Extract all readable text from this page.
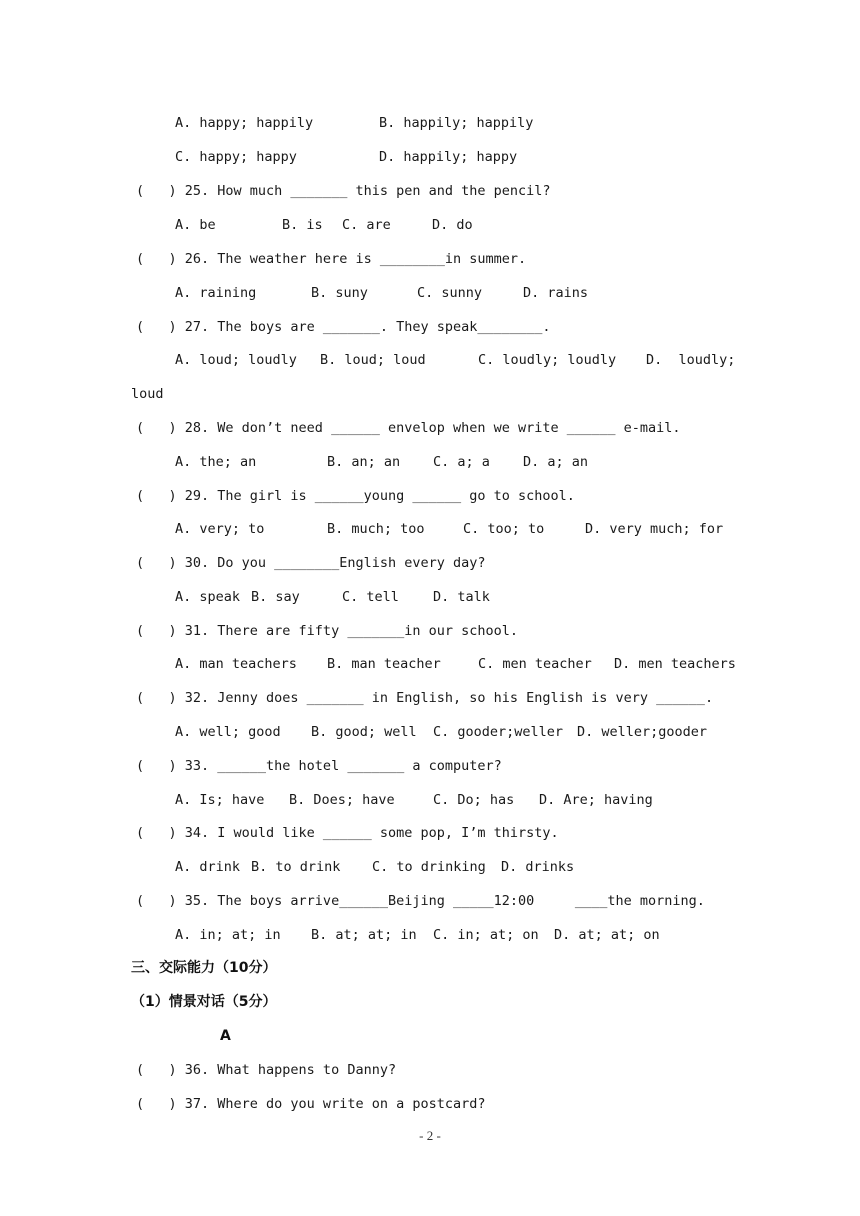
A. happy; happily	B. happily; happily
C. happy; happy	D. happily; happy
(   ) 25. How much _______ this pen and the pencil?
A. be	B. is C. are	D. do
(   ) 26. The weather here is ________in summer.
A. raining	B. suny	C. sunny	D. rains
(   ) 27. The boys are _______. They speak________.
A. loud; loudly B. loud; loud	C. loudly; loudly D.  loudly;
loud
(   ) 28. We don’t need ______ envelop when we write ______ e-mail.
A. the; an	B. an; an C. a; a D. a; an
(   ) 29. The girl is ______young ______ go to school.
A. very; to	B. much; too	C. too; to	D. very much; for
(   ) 30. Do you ________English every day?
A. speak B. say	C. tell	D. talk
(   ) 31. There are fifty _______in our school.
A. man teachers B. man teacher	C. men teacher D. men teachers
(   ) 32. Jenny does _______ in English, so his English is very ______.
A. well; good B. good; well C. gooder;weller D. weller;gooder
(   ) 33. ______the hotel _______ a computer?
A. Is; have B. Does; have	C. Do; has D. Are; having
(   ) 34. I would like ______ some pop, I’m thirsty.
A. drink B. to drink C. to drinking D. drinks
(   ) 35. The boys arrive______Beijing _____12:00     ____the morning.
A. in; at; in B. at; at; in C. in; at; on D. at; at; on
三、交际能力（10分）
（1）情景对话（5分）
A
(   ) 36. What happens to Danny?
(   ) 37. Where do you write on a postcard?
- 2 -
